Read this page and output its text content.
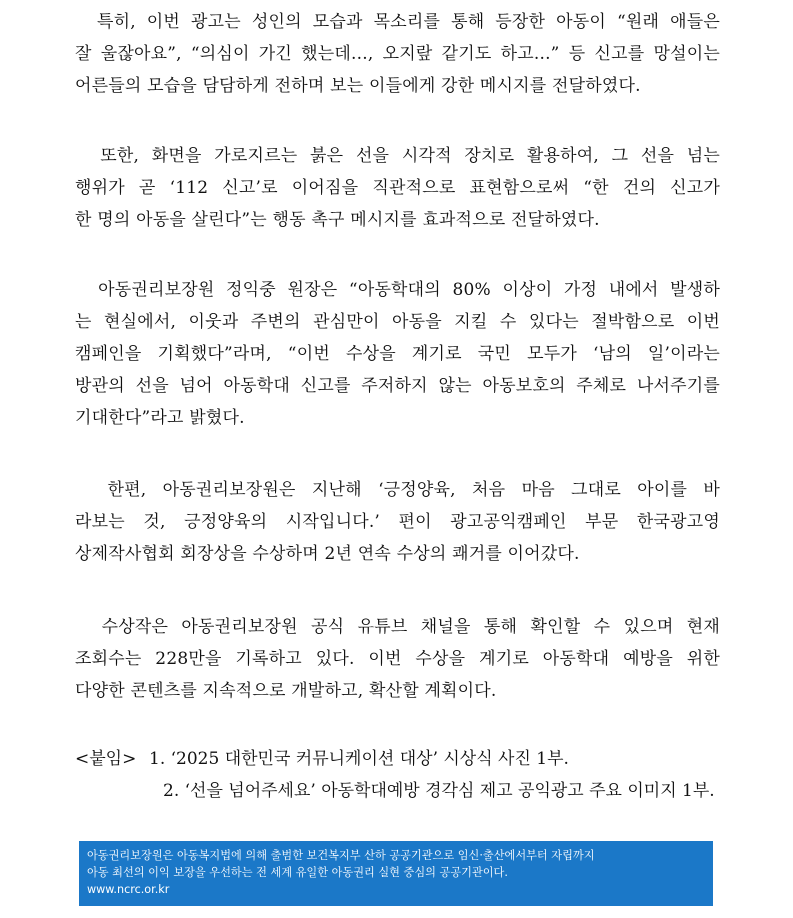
특히, 이번 광고는 성인의 모습과 목소리를 통해 등장한 아동이 “원래 애들은
잘 울잖아요”, “의심이 가긴 했는데..., 오지랖 같기도 하고...” 등 신고를 망설이는
어른들의 모습을 담담하게 전하며 보는 이들에게 강한 메시지를 전달하였다.
또한, 화면을 가로지르는 붉은 선을 시각적 장치로 활용하여, 그 선을 넘는
행위가 곧 ‘112 신고’로 이어짐을 직관적으로 표현함으로써 “한 건의 신고가
한 명의 아동을 살린다”는 행동 촉구 메시지를 효과적으로 전달하였다.
아동권리보장원 정익중 원장은 “아동학대의 80% 이상이 가정 내에서 발생하
는 현실에서, 이웃과 주변의 관심만이 아동을 지킬 수 있다는 절박함으로 이번
캠페인을 기획했다”라며, “이번 수상을 계기로 국민 모두가 ‘남의 일’이라는
방관의 선을 넘어 아동학대 신고를 주저하지 않는 아동보호의 주체로 나서주기를
기대한다”라고 밝혔다.
한편, 아동권리보장원은 지난해 ‘긍정양육, 처음 마음 그대로 아이를 바
라보는 것, 긍정양육의 시작입니다.’ 편이 광고공익캠페인 부문 한국광고영
상제작사협회 회장상을 수상하며 2년 연속 수상의 쾌거를 이어갔다.
수상작은 아동권리보장원 공식 유튜브 채널을 통해 확인할 수 있으며 현재
조회수는 228만을 기록하고 있다. 이번 수상을 계기로 아동학대 예방을 위한
다양한 콘텐츠를 지속적으로 개발하고, 확산할 계획이다.
<붙임> 1. ‘2025 대한민국 커뮤니케이션 대상’ 시상식 사진 1부.
2. ‘선을 넘어주세요’ 아동학대예방 경각심 제고 공익광고 주요 이미지 1부.
아동권리보장원은 아동복지법에 의해 출범한 보건복지부 산하 공공기관으로 임신·출산에서부터 자립까지
아동 최선의 이익 보장을 우선하는 전 세계 유일한 아동권리 실현 중심의 공공기관이다.
www.ncrc.or.kr
